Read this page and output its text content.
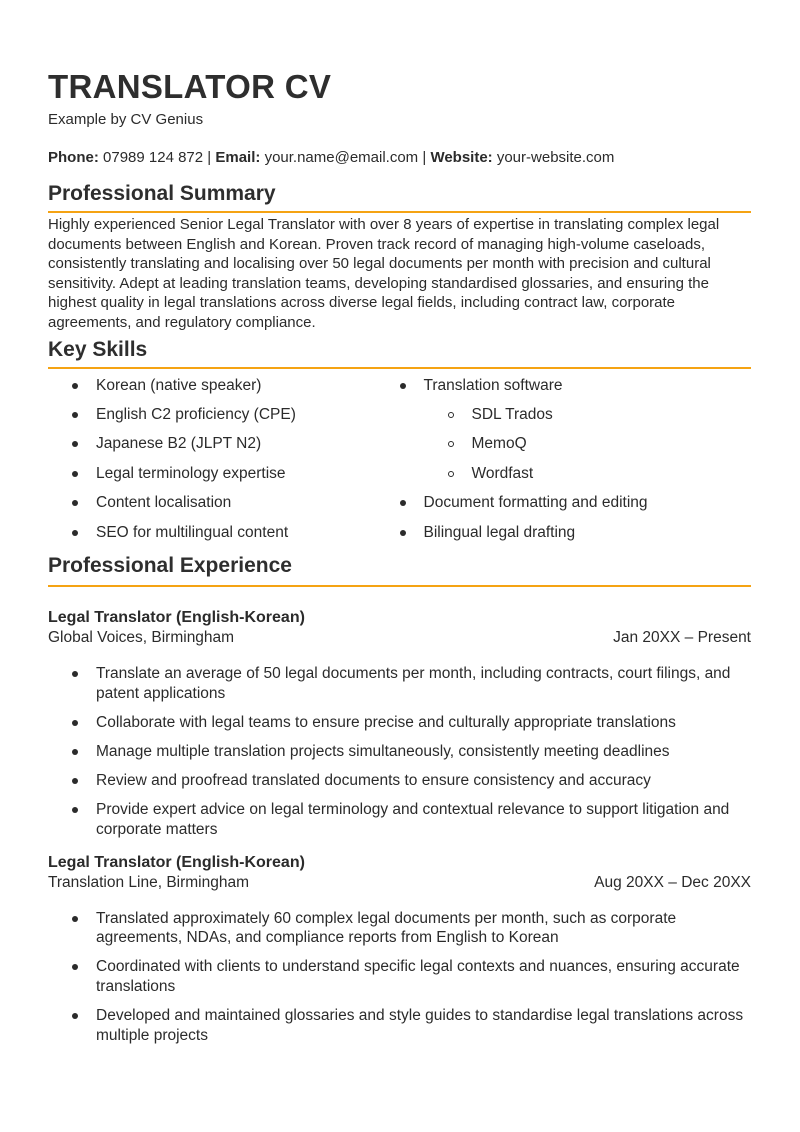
TRANSLATOR CV
Example by CV Genius
Phone: 07989 124 872 | Email: your.name@email.com | Website: your-website.com
Professional Summary
Highly experienced Senior Legal Translator with over 8 years of expertise in translating complex legal documents between English and Korean. Proven track record of managing high-volume caseloads, consistently translating and localising over 50 legal documents per month with precision and cultural sensitivity. Adept at leading translation teams, developing standardised glossaries, and ensuring the highest quality in legal translations across diverse legal fields, including contract law, corporate agreements, and regulatory compliance.
Key Skills
Korean (native speaker)
English C2 proficiency (CPE)
Japanese B2 (JLPT N2)
Legal terminology expertise
Content localisation
SEO for multilingual content
Translation software
SDL Trados
MemoQ
Wordfast
Document formatting and editing
Bilingual legal drafting
Professional Experience
Legal Translator (English-Korean)
Global Voices, Birmingham	Jan 20XX – Present
Translate an average of 50 legal documents per month, including contracts, court filings, and patent applications
Collaborate with legal teams to ensure precise and culturally appropriate translations
Manage multiple translation projects simultaneously, consistently meeting deadlines
Review and proofread translated documents to ensure consistency and accuracy
Provide expert advice on legal terminology and contextual relevance to support litigation and corporate matters
Legal Translator (English-Korean)
Translation Line, Birmingham	Aug 20XX – Dec 20XX
Translated approximately 60 complex legal documents per month, such as corporate agreements, NDAs, and compliance reports from English to Korean
Coordinated with clients to understand specific legal contexts and nuances, ensuring accurate translations
Developed and maintained glossaries and style guides to standardise legal translations across multiple projects
